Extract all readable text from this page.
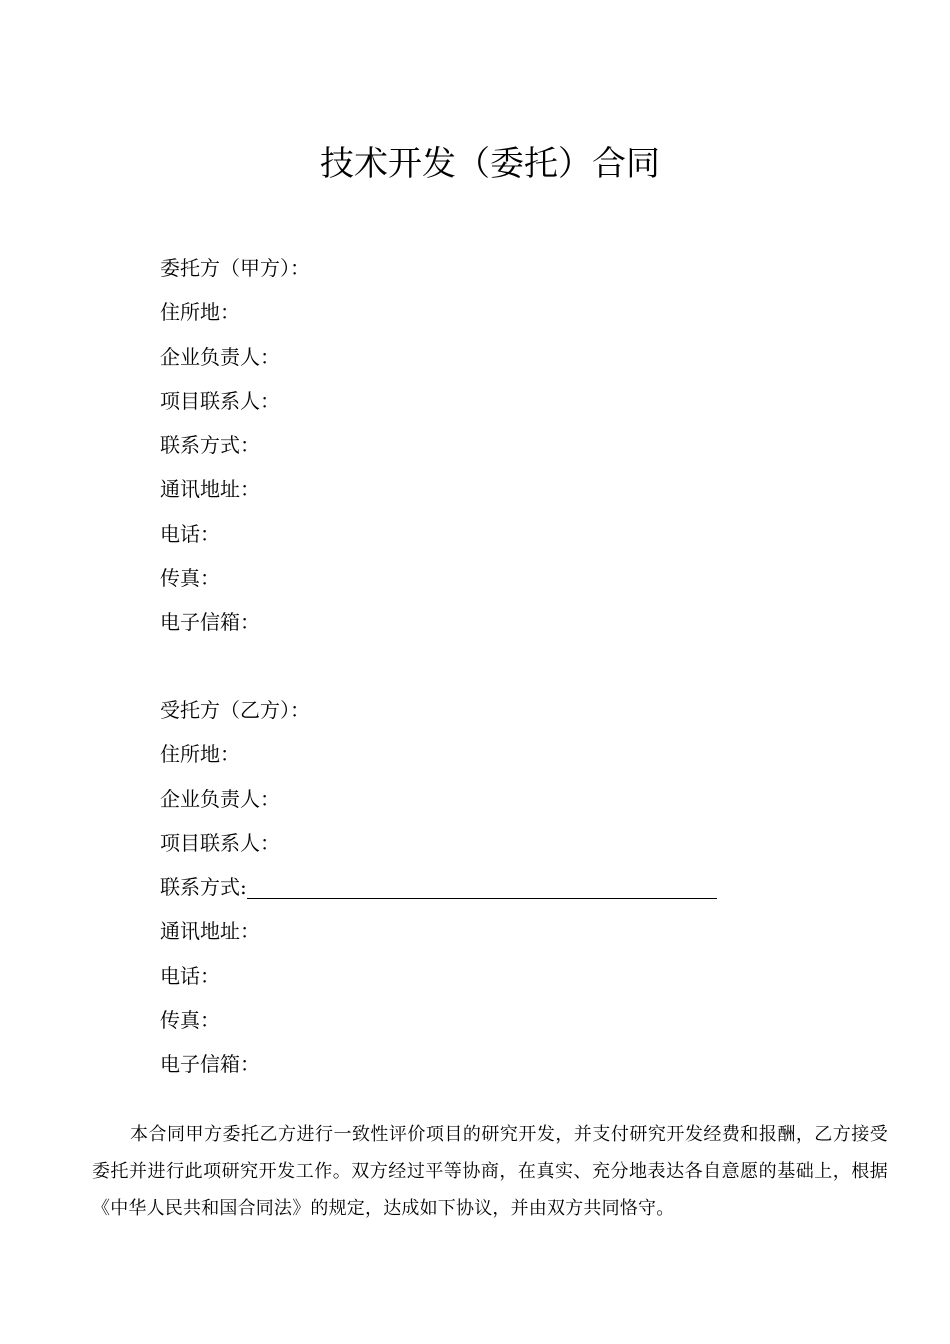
技术开发（委托）合同
委托方（甲方）：
住所地：
企业负责人：
项目联系人：
联系方式：
通讯地址：
电话：
传真：
电子信箱：
受托方（乙方）：
住所地：
企业负责人：
项目联系人：
联系方式:
通讯地址：
电话：
传真：
电子信箱：

本合同甲方委托乙方进行一致性评价项目的研究开发，并支付研究开发经费和报酬，乙方接受委托并进行此项研究开发工作。双方经过平等协商，在真实、充分地表达各自意愿的基础上，根据《中华人民共和国合同法》的规定，达成如下协议，并由双方共同恪守。
